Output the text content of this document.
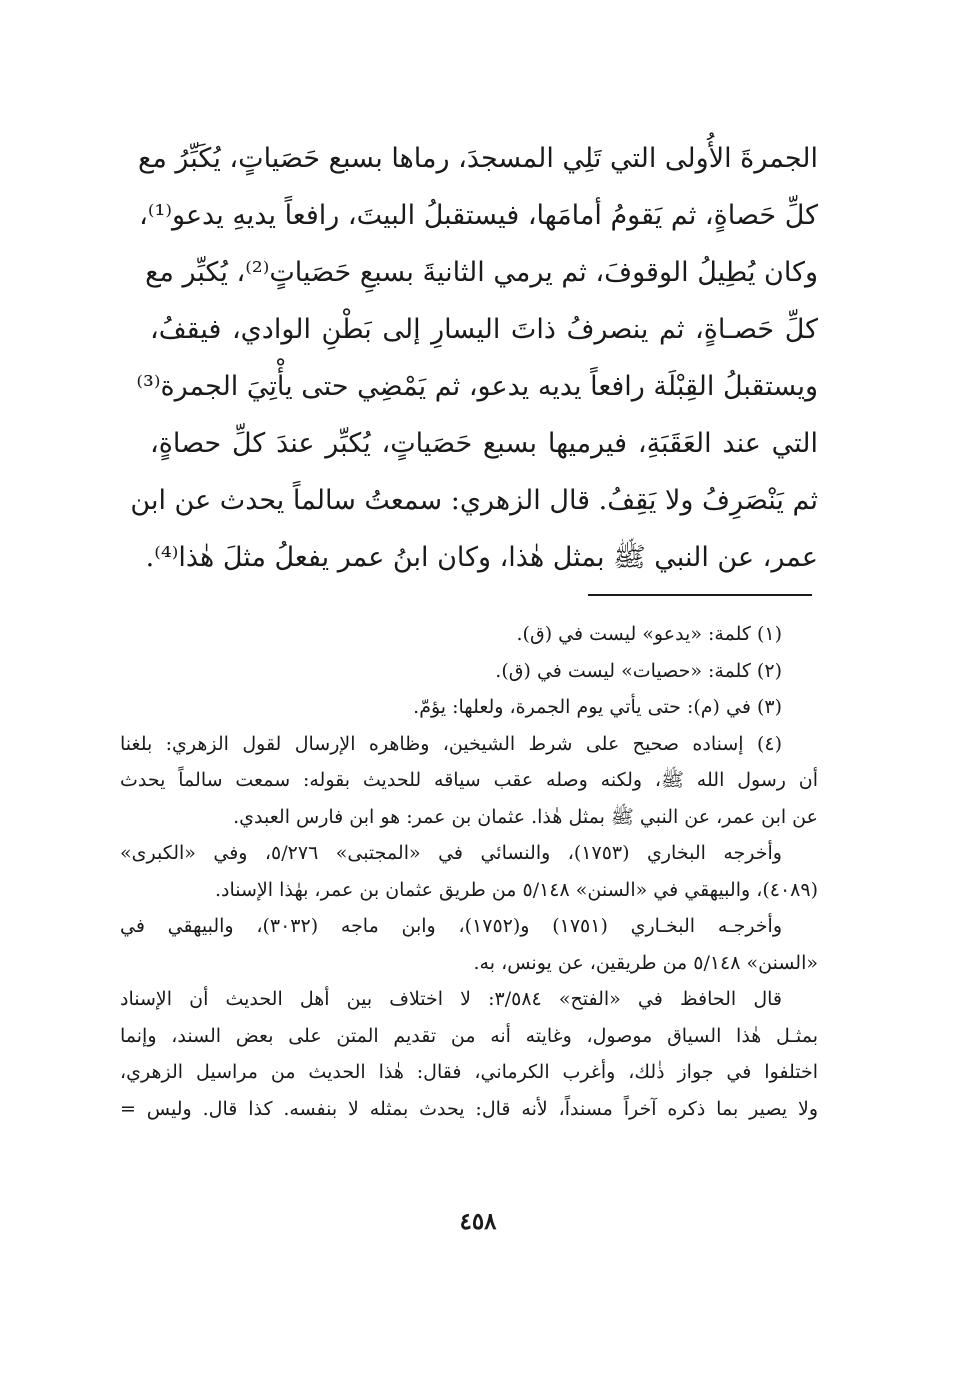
الجمرةَ الأُولى التي تَلِي المسجدَ، رماها بسبع حَصَياتٍ، يُكَبِّرُ مع
كلِّ حَصاةٍ، ثم يَقومُ أمامَها، فيستقبلُ البيتَ، رافعاً يديهِ يدعو⁽¹⁾،
وكان يُطِيلُ الوقوفَ، ثم يرمي الثانيةَ بسبعِ حَصَياتٍ⁽²⁾، يُكبِّر مع
كلِّ حَصـاةٍ، ثم ينصرفُ ذاتَ اليسارِ إلى بَطْنِ الوادي، فيقفُ،
ويستقبلُ القِبْلَة رافعاً يديه يدعو، ثم يَمْضِي حتى يأْتِيَ الجمرة⁽³⁾
التي عند العَقَبَةِ، فيرميها بسبع حَصَياتٍ، يُكبِّر عندَ كلِّ حصاةٍ،
ثم يَنْصَرِفُ ولا يَقِفُ. قال الزهري: سمعتُ سالماً يحدث عن ابن
عمر، عن النبي ﷺ بمثل هٰذا، وكان ابنُ عمر يفعلُ مثلَ هٰذا⁽⁴⁾.
(١) كلمة: «يدعو» ليست في (ق).
(٢) كلمة: «حصيات» ليست في (ق).
(٣) في (م): حتى يأتي يوم الجمرة، ولعلها: يؤمّ.
(٤) إسناده صحيح على شرط الشيخين، وظاهره الإرسال لقول الزهري: بلغنا
أن رسول الله ﷺ، ولكنه وصله عقب سياقه للحديث بقوله: سمعت سالماً يحدث
عن ابن عمر، عن النبي ﷺ بمثل هٰذا. عثمان بن عمر: هو ابن فارس العبدي.
وأخرجه البخاري (١٧٥٣)، والنسائي في «المجتبى» ٥/٢٧٦، وفي «الكبرى»
(٤٠٨٩)، والبيهقي في «السنن» ٥/١٤٨ من طريق عثمان بن عمر، بهٰذا الإسناد.
وأخرجـه البخـاري (١٧٥١) و(١٧٥٢)، وابن ماجه (٣٠٣٢)، والبيهقي في
«السنن» ٥/١٤٨ من طريقين، عن يونس، به.
قال الحافظ في «الفتح» ٣/٥٨٤: لا اختلاف بين أهل الحديث أن الإسناد
بمثـل هٰذا السياق موصول، وغايته أنه من تقديم المتن على بعض السند، وإنما
اختلفوا في جواز ذٰلك، وأغرب الكرماني، فقال: هٰذا الحديث من مراسيل الزهري،
ولا يصير بما ذكره آخراً مسنداً، لأنه قال: يحدث بمثله لا بنفسه. كذا قال. وليس =
٤٥٨
